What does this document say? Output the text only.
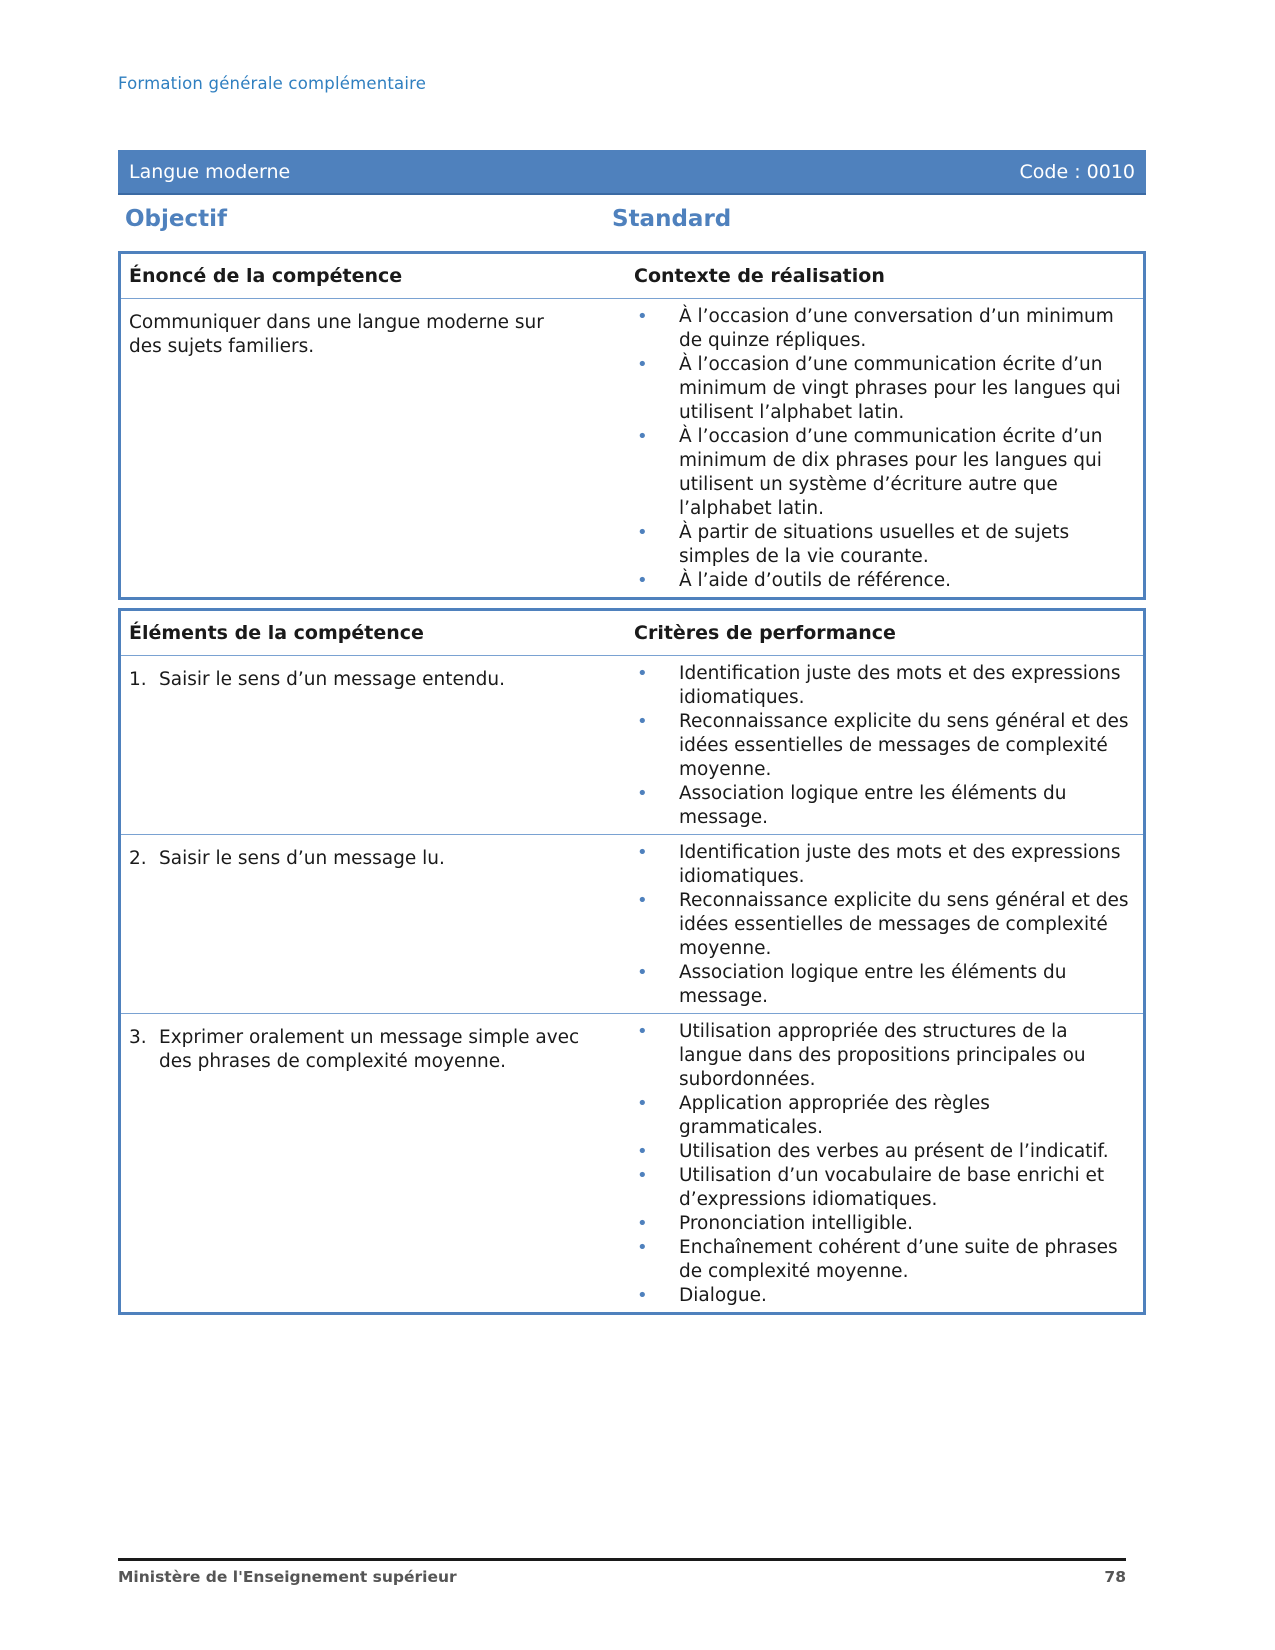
Formation générale complémentaire
Langue moderne	Code : 0010
Objectif	Standard
Énoncé de la compétence	Contexte de réalisation
Communiquer dans une langue moderne sur des sujets familiers.
• À l’occasion d’une conversation d’un minimum de quinze répliques.
• À l’occasion d’une communication écrite d’un minimum de vingt phrases pour les langues qui utilisent l’alphabet latin.
• À l’occasion d’une communication écrite d’un minimum de dix phrases pour les langues qui utilisent un système d’écriture autre que l’alphabet latin.
• À partir de situations usuelles et de sujets simples de la vie courante.
• À l’aide d’outils de référence.
Éléments de la compétence	Critères de performance
1. Saisir le sens d’un message entendu.	• Identification juste des mots et des expressions idiomatiques.
• Reconnaissance explicite du sens général et des idées essentielles de messages de complexité moyenne.
• Association logique entre les éléments du message.
2. Saisir le sens d’un message lu.	• Identification juste des mots et des expressions idiomatiques.
• Reconnaissance explicite du sens général et des idées essentielles de messages de complexité moyenne.
• Association logique entre les éléments du message.
3. Exprimer oralement un message simple avec des phrases de complexité moyenne.
• Utilisation appropriée des structures de la langue dans des propositions principales ou subordonnées.
• Application appropriée des règles grammaticales.
• Utilisation des verbes au présent de l’indicatif.
• Utilisation d’un vocabulaire de base enrichi et d’expressions idiomatiques.
• Prononciation intelligible.
• Enchaînement cohérent d’une suite de phrases de complexité moyenne.
• Dialogue.
Ministère de l'Enseignement supérieur	78
